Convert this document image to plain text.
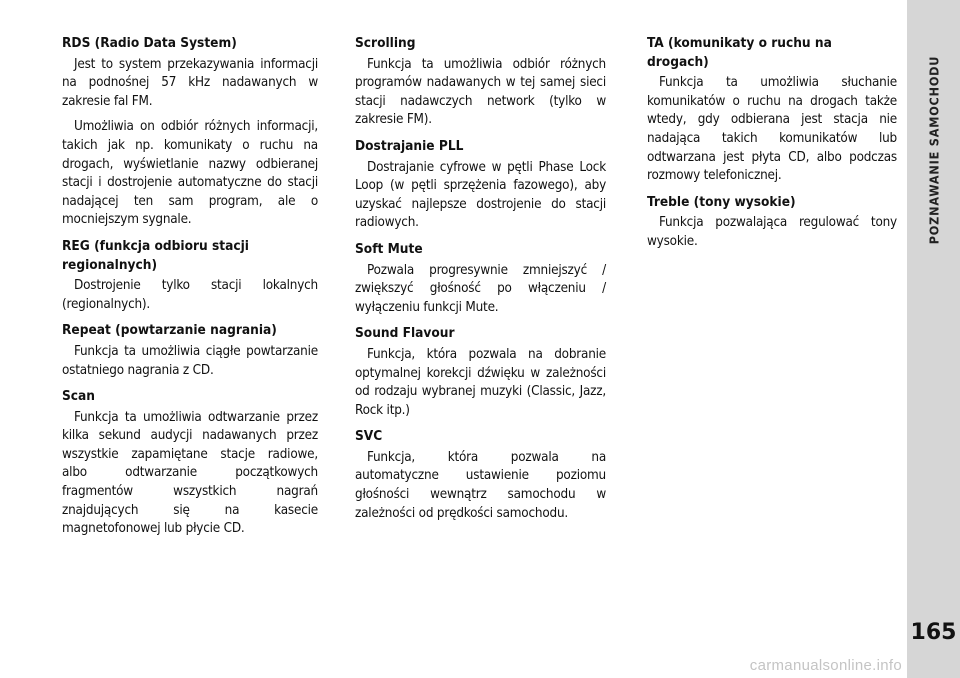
RDS (Radio Data System)

Jest to system przekazywania informacji na podnośnej 57 kHz nadawanych w zakresie fal FM.

Umożliwia on odbiór różnych informacji, takich jak np. komunikaty o ruchu na drogach, wyświetlanie nazwy odbieranej stacji i dostrojenie automatyczne do stacji nadającej ten sam program, ale o mocniejszym sygnale.

REG (funkcja odbioru stacji regionalnych)

Dostrojenie tylko stacji lokalnych (regionalnych).

Repeat (powtarzanie nagrania)

Funkcja ta umożliwia ciągłe powtarzanie ostatniego nagrania z CD.

Scan

Funkcja ta umożliwia odtwarzanie przez kilka sekund audycji nadawanych przez wszystkie zapamiętane stacje radiowe, albo odtwarzanie początkowych fragmentów wszystkich nagrań znajdujących się na kasecie magnetofonowej lub płycie CD.

Scrolling

Funkcja ta umożliwia odbiór różnych programów nadawanych w tej samej sieci stacji nadawczych network (tylko w zakresie FM).

Dostrajanie PLL

Dostrajanie cyfrowe w pętli Phase Lock Loop (w pętli sprzężenia fazowego), aby uzyskać najlepsze dostrojenie do stacji radiowych.

Soft Mute

Pozwala progresywnie zmniejszyć / zwiększyć głośność po włączeniu / wyłączeniu funkcji Mute.

Sound Flavour

Funkcja, która pozwala na dobranie optymalnej korekcji dźwięku w zależności od rodzaju wybranej muzyki (Classic, Jazz, Rock itp.)

SVC

Funkcja, która pozwala na automatyczne ustawienie poziomu głośności wewnątrz samochodu w zależności od prędkości samochodu.

TA (komunikaty o ruchu na drogach)

Funkcja ta umożliwia słuchanie komunikatów o ruchu na drogach także wtedy, gdy odbierana jest stacja nie nadająca takich komunikatów lub odtwarzana jest płyta CD, albo podczas rozmowy telefonicznej.

Treble (tony wysokie)

Funkcja pozwalająca regulować tony wysokie.	POZNAWANIE SAMOCHODU
165
carmanualsonline.info
